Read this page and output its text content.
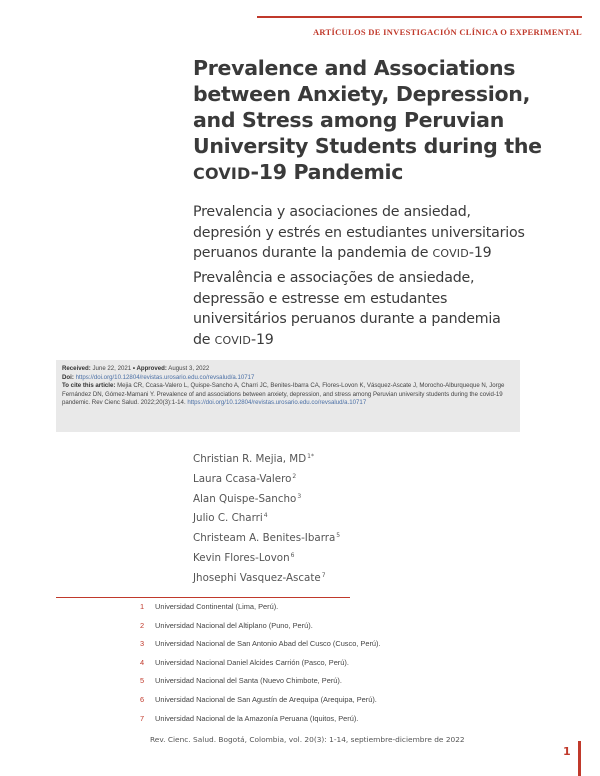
ARTÍCULOS DE INVESTIGACIÓN CLÍNICA O EXPERIMENTAL
Prevalence and Associations
between Anxiety, Depression,
and Stress among Peruvian
University Students during the
COVID-19 Pandemic
Prevalencia y asociaciones de ansiedad,
depresión y estrés en estudiantes universitarios
peruanos durante la pandemia de COVID-19
Prevalência e associações de ansiedade,
depressão e estresse em estudantes
universitários peruanos durante a pandemia
de COVID-19
Received: June 22, 2021 • Approved: August 3, 2022
Doi: https://doi.org/10.12804/revistas.urosario.edu.co/revsalud/a.10717
To cite this article: Mejia CR, Ccasa-Valero L, Quispe-Sancho A, Charri JC, Benites-Ibarra CA, Flores-Lovon K, Vásquez-Ascate J, Morocho-Alburqueque N, Jorge Fernández DN, Gómez-Mamani Y. Prevalence of and associations between anxiety, depression, and stress among Peruvian university students during the covid-19 pandemic. Rev Cienc Salud. 2022;20(3):1-14. https://doi.org/10.12804/revistas.urosario.edu.co/revsalud/a.10717
Christian R. Mejia, $MD^{1*}$
Laura Ccasa-Valero$^2$
Alan Quispe-Sancho$^3$
Julio C. Charri$^4$
Christeam A. Benites-Ibarra$^5$
Kevin Flores-Lovon$^6$
Jhosephi Vasquez-Ascate$^7$
1	Universidad Continental (Lima, Perú).
2	Universidad Nacional del Altiplano (Puno, Perú).
3	Universidad Nacional de San Antonio Abad del Cusco (Cusco, Perú).
4	Universidad Nacional Daniel Alcides Carrión (Pasco, Perú).
5	Universidad Nacional del Santa (Nuevo Chimbote, Perú).
6	Universidad Nacional de San Agustín de Arequipa (Arequipa, Perú).
7	Universidad Nacional de la Amazonía Peruana (Iquitos, Perú).
Rev. Cienc. Salud. Bogotá, Colombia, vol. 20(3): 1-14, septiembre-diciembre de 2022
1
